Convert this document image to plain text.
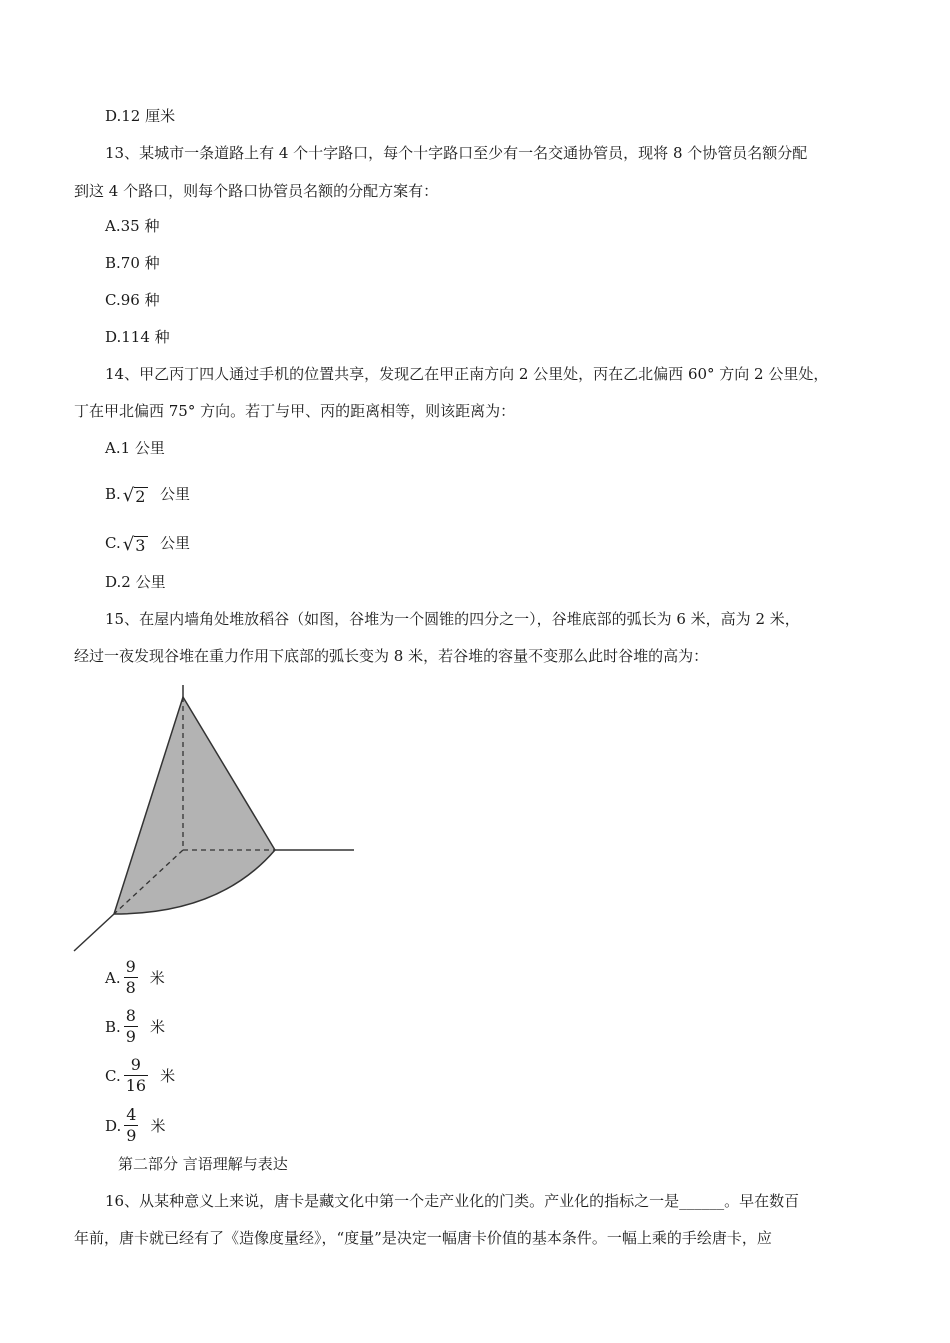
D.12 厘米
13、某城市一条道路上有 4 个十字路口，每个十字路口至少有一名交通协管员，现将 8 个协管员名额分配
到这 4 个路口，则每个路口协管员名额的分配方案有：
A.35 种
B.70 种
C.96 种
D.114 种
14、甲乙丙丁四人通过手机的位置共享，发现乙在甲正南方向 2 公里处，丙在乙北偏西 60° 方向 2 公里处，
丁在甲北偏西 75° 方向。若丁与甲、丙的距离相等，则该距离为：
A.1 公里
B. √ 2 公里
C. √ 3 公里
D.2 公里
15、在屋内墙角处堆放稻谷（如图，谷堆为一个圆锥的四分之一），谷堆底部的弧长为 6 米，高为 2 米，
经过一夜发现谷堆在重力作用下底部的弧长变为 8 米，若谷堆的容量不变那么此时谷堆的高为：
A. $\frac{9}{8}$ 米
B. $\frac{8}{9}$ 米
C. $\frac{9}{16}$ 米
D. $\frac{4}{9}$ 米
第二部分 言语理解与表达
16、从某种意义上来说，唐卡是藏文化中第一个走产业化的门类。产业化的指标之一是______。早在数百
年前，唐卡就已经有了《造像度量经》，“度量”是决定一幅唐卡价值的基本条件。一幅上乘的手绘唐卡，应
